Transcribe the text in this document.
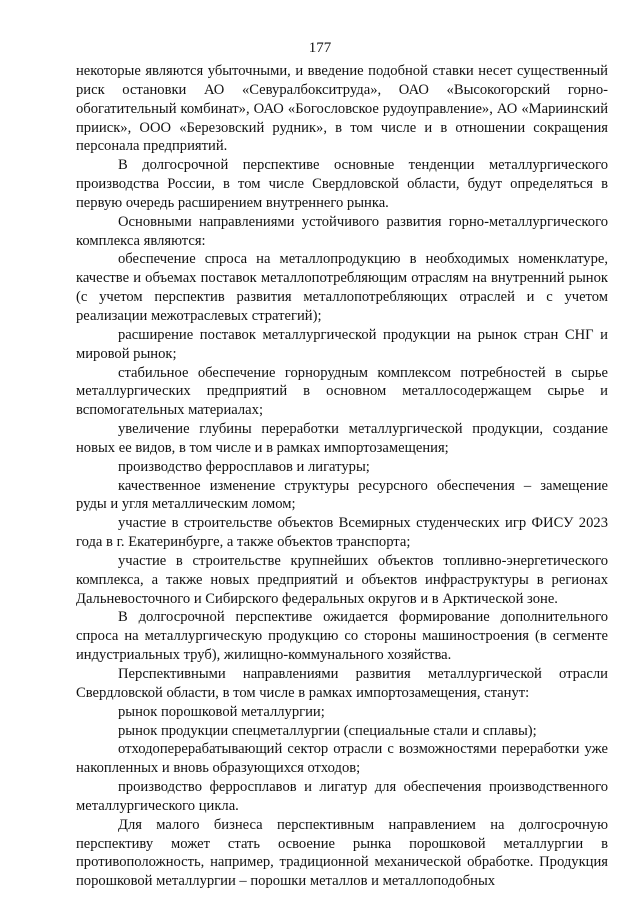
177

некоторые являются убыточными, и введение подобной ставки несет существенный риск остановки АО «Севуралбокситруда», ОАО «Высокогорский горно-обогатительный комбинат», ОАО «Богословское рудоуправление», АО «Мариинский прииск», ООО «Березовский рудник», в том числе и в отношении сокращения персонала предприятий.

В долгосрочной перспективе основные тенденции металлургического производства России, в том числе Свердловской области, будут определяться в первую очередь расширением внутреннего рынка.

Основными направлениями устойчивого развития горно-металлургического комплекса являются:

обеспечение спроса на металлопродукцию в необходимых номенклатуре, качестве и объемах поставок металлопотребляющим отраслям на внутренний рынок (с учетом перспектив развития металлопотребляющих отраслей и с учетом реализации межотраслевых стратегий);

расширение поставок металлургической продукции на рынок стран СНГ и мировой рынок;

стабильное обеспечение горнорудным комплексом потребностей в сырье металлургических предприятий в основном металлосодержащем сырье и вспомогательных материалах;

увеличение глубины переработки металлургической продукции, создание новых ее видов, в том числе и в рамках импортозамещения;

производство ферросплавов и лигатуры;

качественное изменение структуры ресурсного обеспечения – замещение руды и угля металлическим ломом;

участие в строительстве объектов Всемирных студенческих игр ФИСУ 2023 года в г. Екатеринбурге, а также объектов транспорта;

участие в строительстве крупнейших объектов топливно-энергетического комплекса, а также новых предприятий и объектов инфраструктуры в регионах Дальневосточного и Сибирского федеральных округов и в Арктической зоне.

В долгосрочной перспективе ожидается формирование дополнительного спроса на металлургическую продукцию со стороны машиностроения (в сегменте индустриальных труб), жилищно-коммунального хозяйства.

Перспективными направлениями развития металлургической отрасли Свердловской области, в том числе в рамках импортозамещения, станут:

рынок порошковой металлургии;

рынок продукции спецметаллургии (специальные стали и сплавы);

отходоперерабатывающий сектор отрасли с возможностями переработки уже накопленных и вновь образующихся отходов;

производство ферросплавов и лигатур для обеспечения производственного металлургического цикла.

Для малого бизнеса перспективным направлением на долгосрочную перспективу может стать освоение рынка порошковой металлургии в противоположность, например, традиционной механической обработке. Продукция порошковой металлургии – порошки металлов и металлоподобных
